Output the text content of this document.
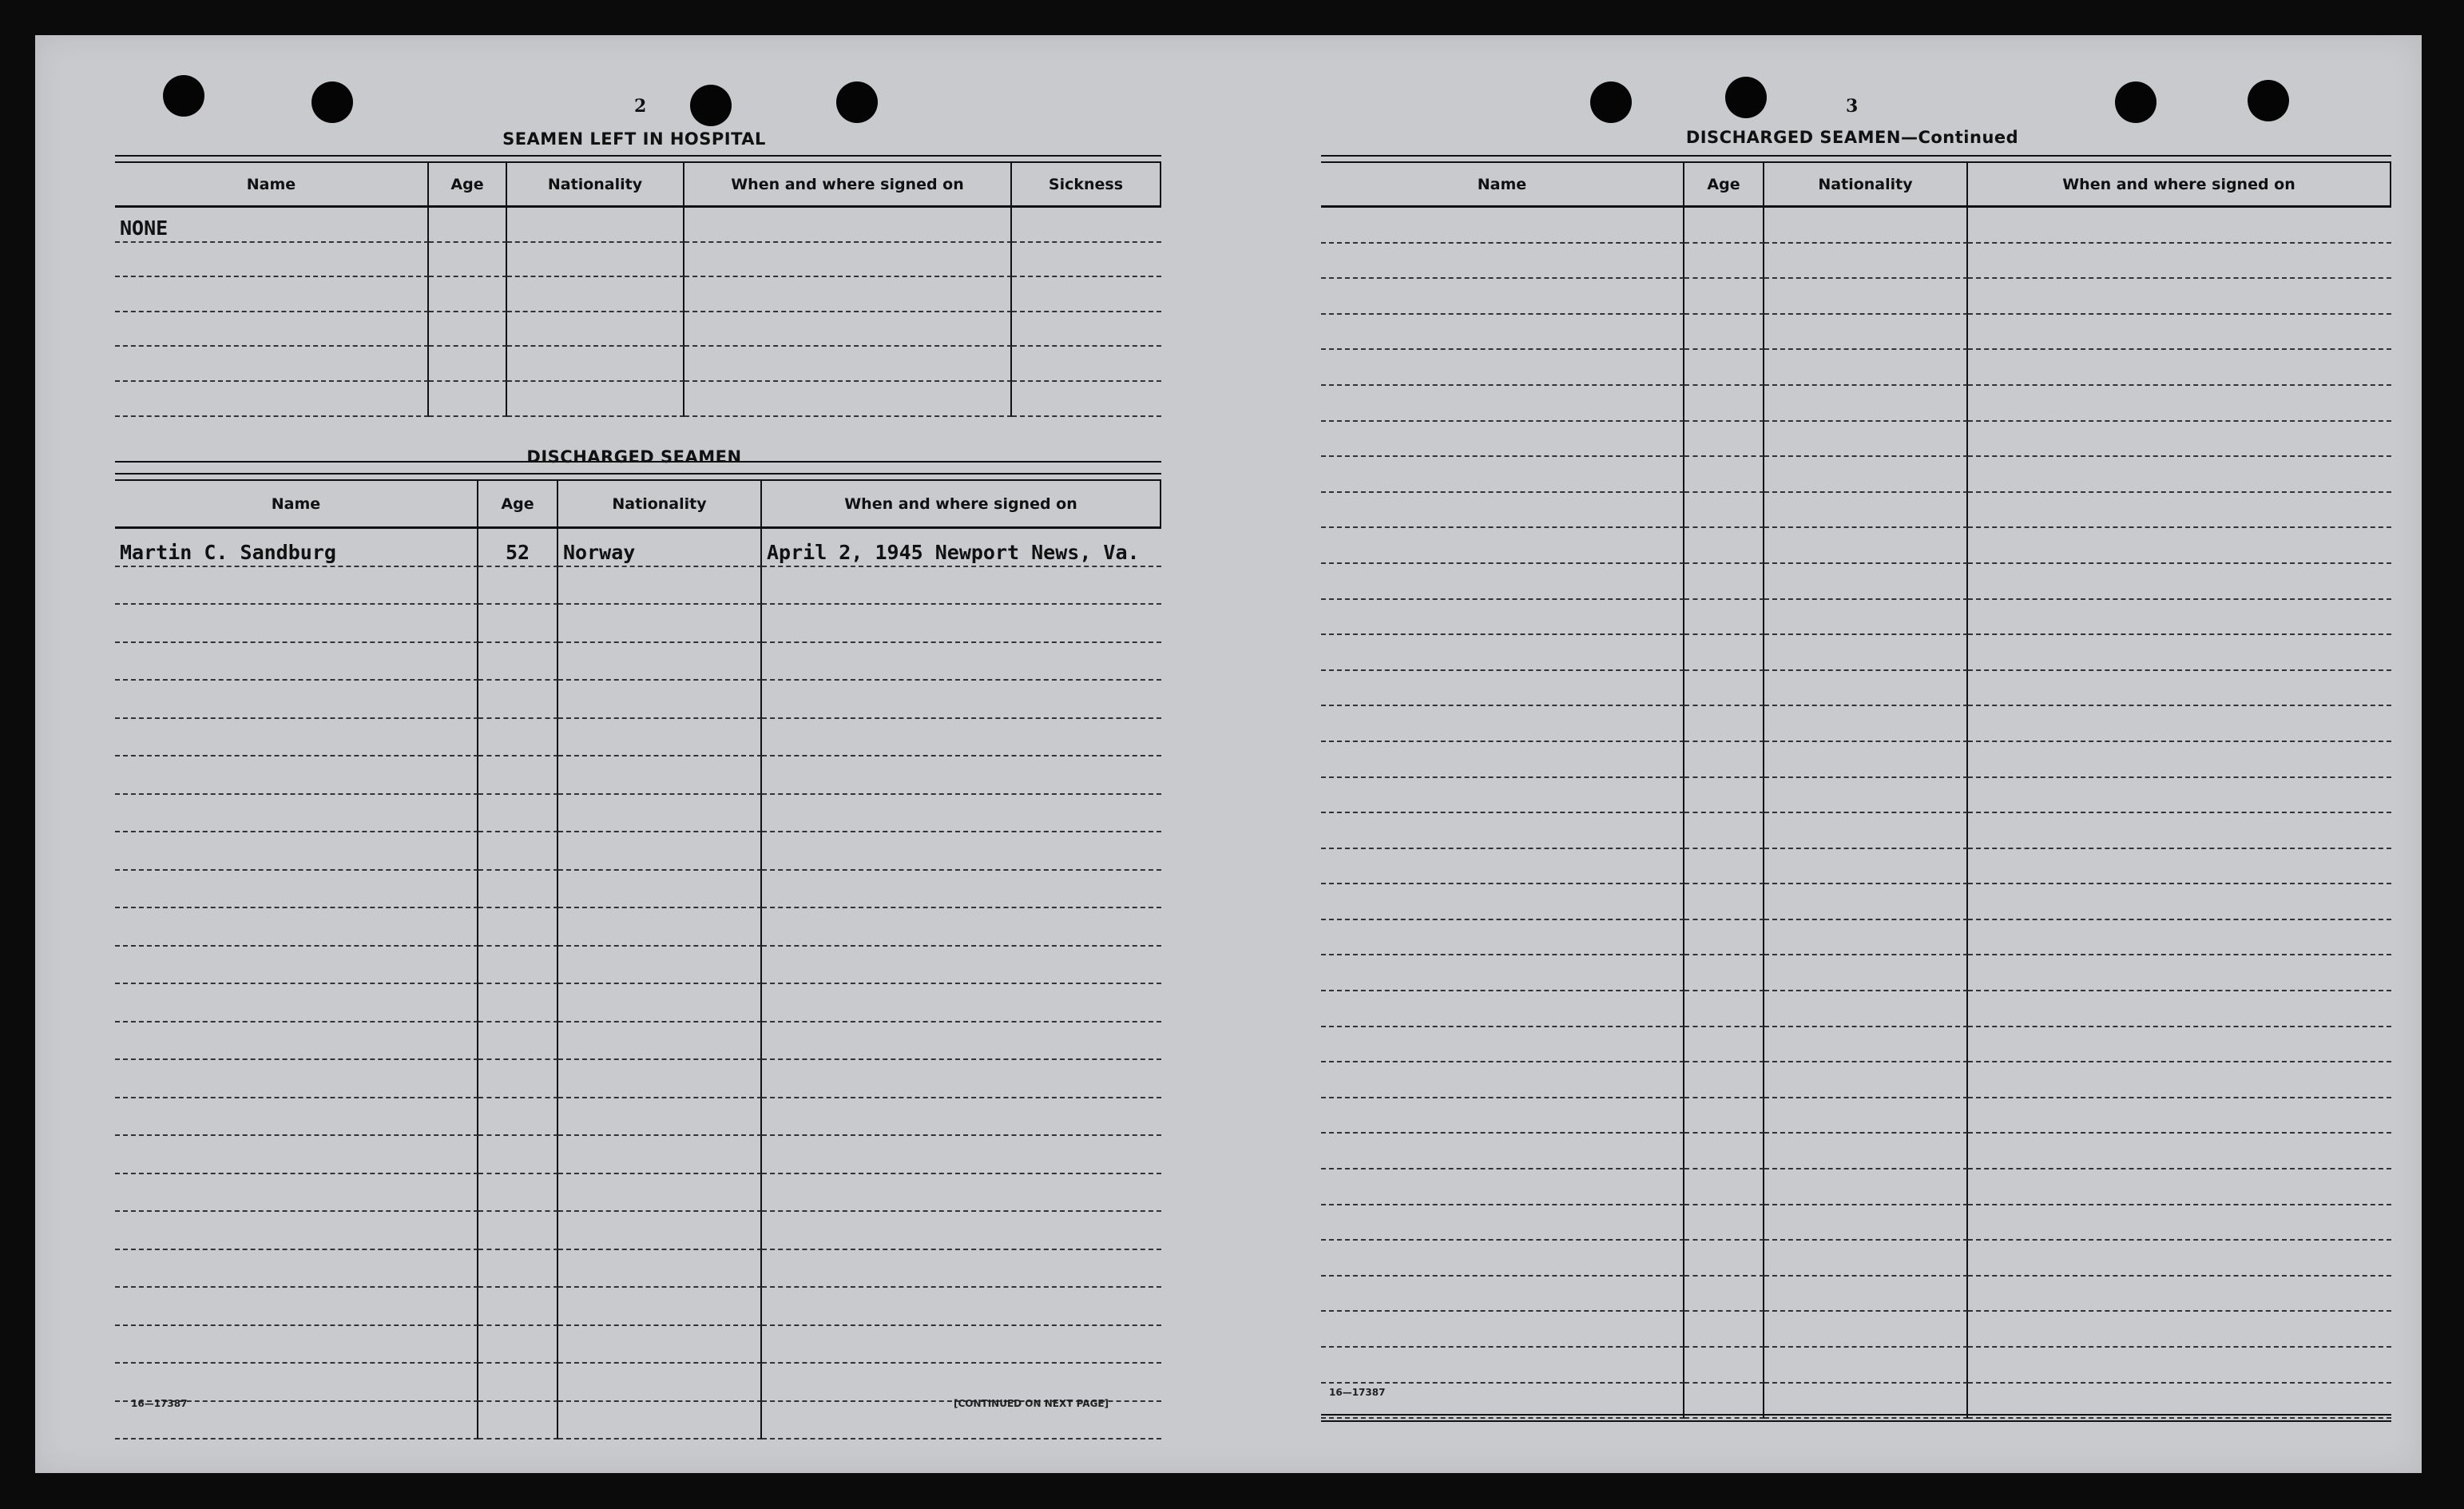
2
SEAMEN LEFT IN HOSPITAL
Name	Age	Nationality	When and where signed on	Sickness
NONE
DISCHARGED SEAMEN
Name	Age	Nationality	When and where signed on
Martin C. Sandburg	52	Norway	April 2, 1945 Newport News, Va.
16—17387	[CONTINUED ON NEXT PAGE]
3
DISCHARGED SEAMEN—Continued
Name	Age	Nationality	When and where signed on
16—17387
